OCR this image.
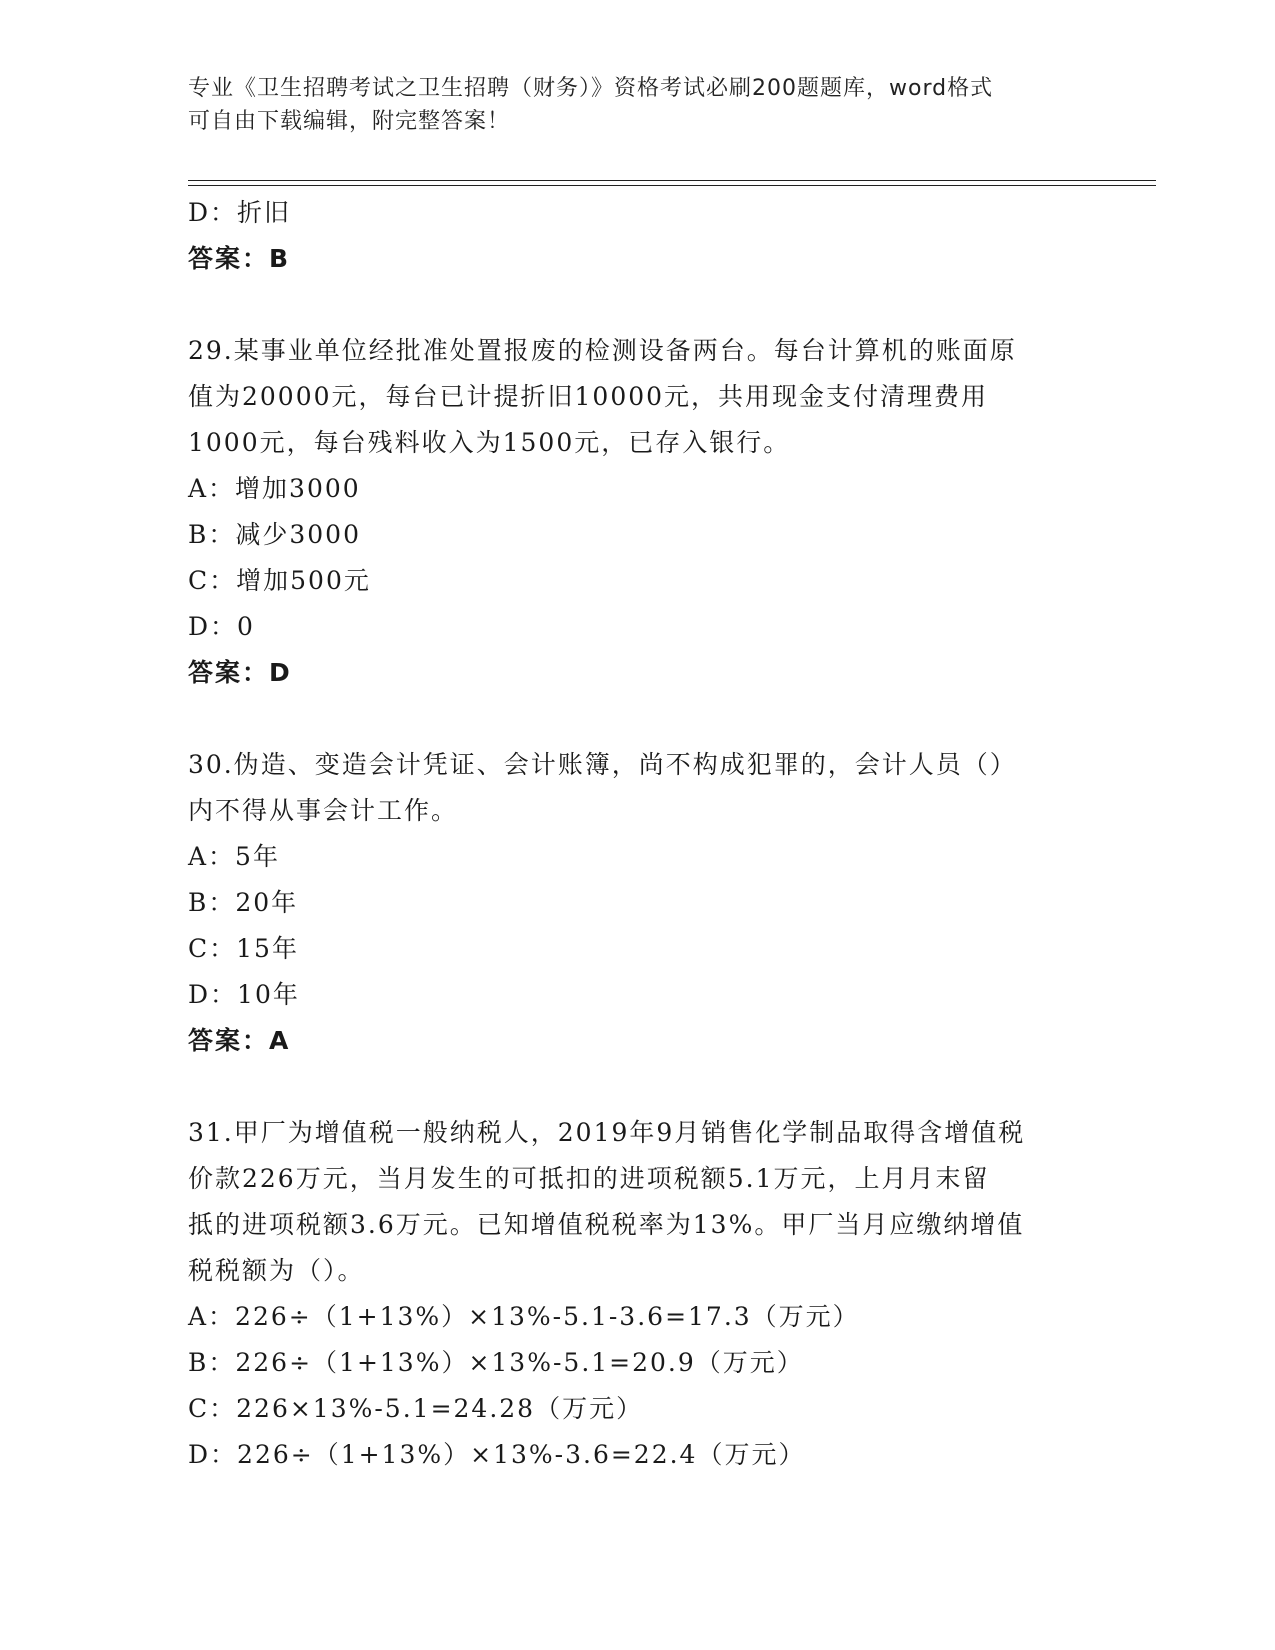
专业《卫生招聘考试之卫生招聘（财务）》资格考试必刷200题题库，word格式
可自由下载编辑，附完整答案！
D：折旧
答案：B
29.某事业单位经批准处置报废的检测设备两台。每台计算机的账面原
值为20000元，每台已计提折旧10000元，共用现金支付清理费用
1000元，每台残料收入为1500元，已存入银行。
A：增加3000
B：减少3000
C：增加500元
D：0
答案：D
30.伪造、变造会计凭证、会计账簿，尚不构成犯罪的，会计人员（）
内不得从事会计工作。
A：5年
B：20年
C：15年
D：10年
答案：A
31.甲厂为增值税一般纳税人，2019年9月销售化学制品取得含增值税
价款226万元，当月发生的可抵扣的进项税额5.1万元，上月月末留
抵的进项税额3.6万元。已知增值税税率为13%。甲厂当月应缴纳增值
税税额为（）。
A：226÷（1+13%）×13%-5.1-3.6=17.3（万元）
B：226÷（1+13%）×13%-5.1=20.9（万元）
C：226×13%-5.1=24.28（万元）
D：226÷（1+13%）×13%-3.6=22.4（万元）
